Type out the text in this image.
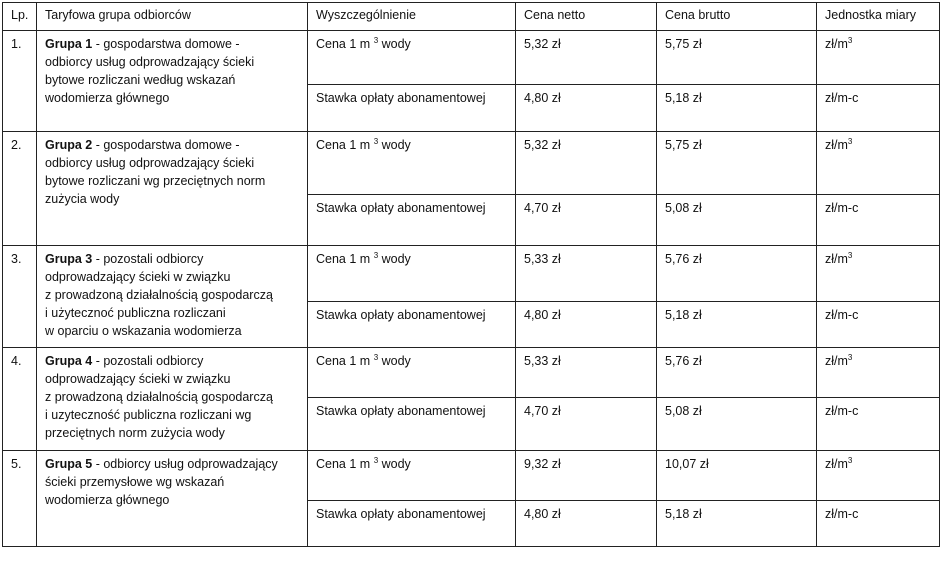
Lp.	Taryfowa grupa odbiorców	Wyszczególnienie	Cena netto	Cena brutto	Jednostka miary
1.	Grupa 1 - gospodarstwa domowe -
odbiorcy usług odprowadzający ścieki
bytowe rozliczani według wskazań
wodomierza głównego	Cena 1 m $^3$ wody	5,32 zł	5,75 zł	$zł/m^3$
		Stawka opłaty abonamentowej	4,80 zł	5,18 zł	zł/m-c
2.	Grupa 2 - gospodarstwa domowe -
odbiorcy usług odprowadzający ścieki
bytowe rozliczani wg przeciętnych norm
zużycia wody	Cena 1 m $^3$ wody	5,32 zł	5,75 zł	$zł/m^3$
		Stawka opłaty abonamentowej	4,70 zł	5,08 zł	zł/m-c
3.	Grupa 3 - pozostali odbiorcy
odprowadzający ścieki w związku
z prowadzoną działalnością gospodarczą
i użytecznoć publiczna rozliczani
w oparciu o wskazania wodomierza	Cena 1 m $^3$ wody	5,33 zł	5,76 zł	$zł/m^3$
		Stawka opłaty abonamentowej	4,80 zł	5,18 zł	zł/m-c
4.	Grupa 4 - pozostali odbiorcy
odprowadzający ścieki w związku
z prowadzoną działalnością gospodarczą
i uzyteczność publiczna rozliczani wg
przeciętnych norm zużycia wody	Cena 1 m $^3$ wody	5,33 zł	5,76 zł	$zł/m^3$
		Stawka opłaty abonamentowej	4,70 zł	5,08 zł	zł/m-c
5.	Grupa 5 - odbiorcy usług odprowadzający
ścieki przemysłowe wg wskazań
wodomierza głównego	Cena 1 m $^3$ wody	9,32 zł	10,07 zł	$zł/m^3$
		Stawka opłaty abonamentowej	4,80 zł	5,18 zł	zł/m-c
